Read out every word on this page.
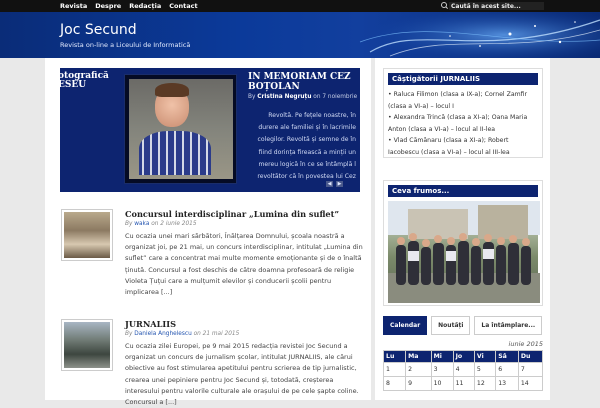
Revista	Despre	Redacția	Contact
Caută în acest site...
Joc Secund
Revista on-line a Liceului de Informatică
otografică
ESEU
IN MEMORIAM CEZ
BOȚOLAN
By Cristina Negruțu on 7 noiembrie
Revoltă. Pe fețele noastre, în durere ale familiei și în lacrimile colegilor. Revoltă și semne de în fiind dorința firească a minții un mereu logică în ce se întâmplă l revoltător că în povestea lui Cez
◀	▶
Concursul interdisciplinar „Lumina din suflet”
By waka on 2 iunie 2015
Cu ocazia unei mari sărbători, Înălțarea Domnului, școala noastră a organizat joi, pe 21 mai, un concurs interdisciplinar, intitulat „Lumina din suflet” care a concentrat mai multe momente emoționante și de o înaltă ținută. Concursul a fost deschis de către doamna profesoară de religie Violeta Țuțui care a mulțumit elevilor și conducerii școlii pentru implicarea [...]
JURNALIIS
By Daniela Anghelescu on 21 mai 2015
Cu ocazia zilei Europei, pe 9 mai 2015 redacția revistei Joc Secund a organizat un concurs de jurnalism școlar, intitulat JURNALIIS, ale cărui obiective au fost stimularea apetitului pentru scrierea de tip jurnalistic, crearea unei pepiniere pentru Joc Secund și, totodată, creșterea interesului pentru valorile culturale ale orașului de pe cele șapte coline. Concursul a [...]
Câștigătorii JURNALIIS
• Raluca Filimon (clasa a IX-a); Cornel Zamfir (clasa a VI-a) – locul I
• Alexandra Trincă (clasa a XI-a); Oana Maria Anton (clasa a VI-a) – locul al II-lea
• Vlad Cămănaru (clasa a XI-a); Robert Iacobescu (clasa a VI-a) – locul al III-lea
Ceva frumos...
Calendar	Noutăți	La întâmplare...
iunie 2015
Lu	Ma	Mi	Jo	Vi	Sâ	Du
1	2	3	4	5	6	7
8	9	10	11	12	13	14
